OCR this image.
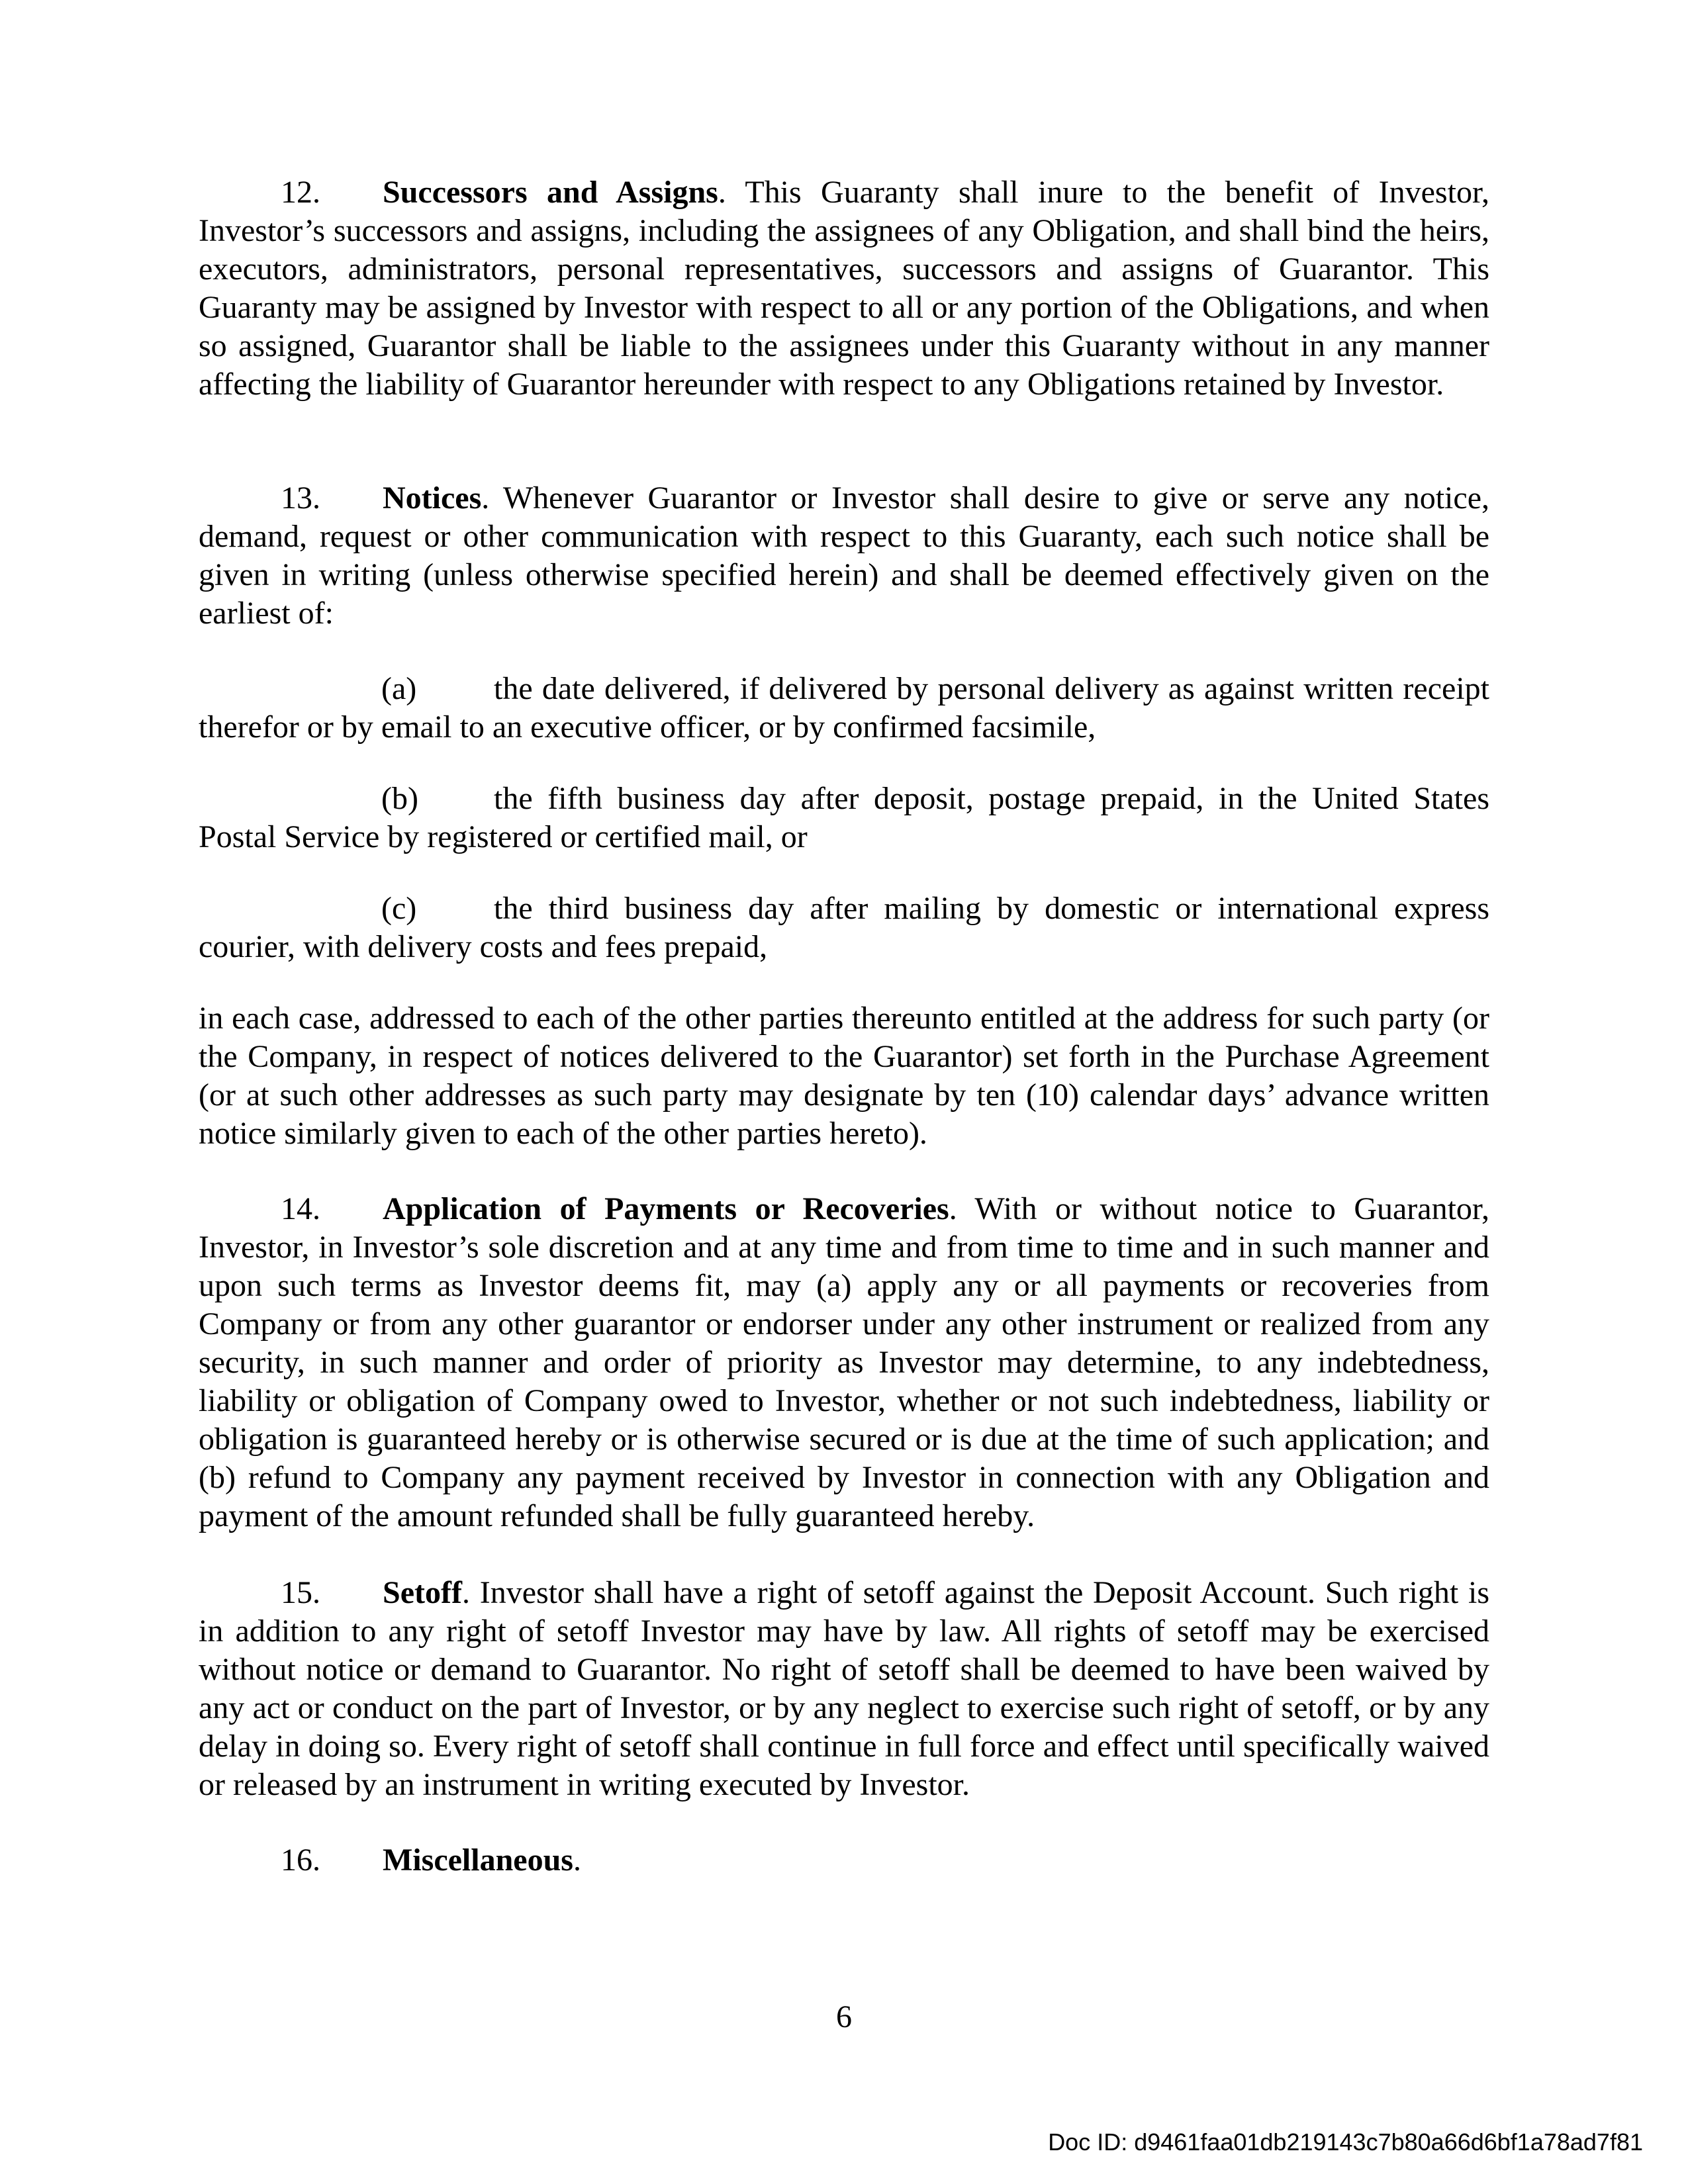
12. Successors and Assigns. This Guaranty shall inure to the benefit of Investor, Investor’s successors and assigns, including the assignees of any Obligation, and shall bind the heirs, executors, administrators, personal representatives, successors and assigns of Guarantor. This Guaranty may be assigned by Investor with respect to all or any portion of the Obligations, and when so assigned, Guarantor shall be liable to the assignees under this Guaranty without in any manner affecting the liability of Guarantor hereunder with respect to any Obligations retained by Investor.

13. Notices. Whenever Guarantor or Investor shall desire to give or serve any notice, demand, request or other communication with respect to this Guaranty, each such notice shall be given in writing (unless otherwise specified herein) and shall be deemed effectively given on the earliest of:

(a) the date delivered, if delivered by personal delivery as against written receipt therefor or by email to an executive officer, or by confirmed facsimile,

(b) the fifth business day after deposit, postage prepaid, in the United States Postal Service by registered or certified mail, or

(c) the third business day after mailing by domestic or international express courier, with delivery costs and fees prepaid,

in each case, addressed to each of the other parties thereunto entitled at the address for such party (or the Company, in respect of notices delivered to the Guarantor) set forth in the Purchase Agreement (or at such other addresses as such party may designate by ten (10) calendar days’ advance written notice similarly given to each of the other parties hereto).

14. Application of Payments or Recoveries. With or without notice to Guarantor, Investor, in Investor’s sole discretion and at any time and from time to time and in such manner and upon such terms as Investor deems fit, may (a) apply any or all payments or recoveries from Company or from any other guarantor or endorser under any other instrument or realized from any security, in such manner and order of priority as Investor may determine, to any indebtedness, liability or obligation of Company owed to Investor, whether or not such indebtedness, liability or obligation is guaranteed hereby or is otherwise secured or is due at the time of such application; and (b) refund to Company any payment received by Investor in connection with any Obligation and payment of the amount refunded shall be fully guaranteed hereby.

15. Setoff. Investor shall have a right of setoff against the Deposit Account. Such right is in addition to any right of setoff Investor may have by law. All rights of setoff may be exercised without notice or demand to Guarantor. No right of setoff shall be deemed to have been waived by any act or conduct on the part of Investor, or by any neglect to exercise such right of setoff, or by any delay in doing so. Every right of setoff shall continue in full force and effect until specifically waived or released by an instrument in writing executed by Investor.

16. Miscellaneous.

6
Doc ID: d9461faa01db219143c7b80a66d6bf1a78ad7f81
